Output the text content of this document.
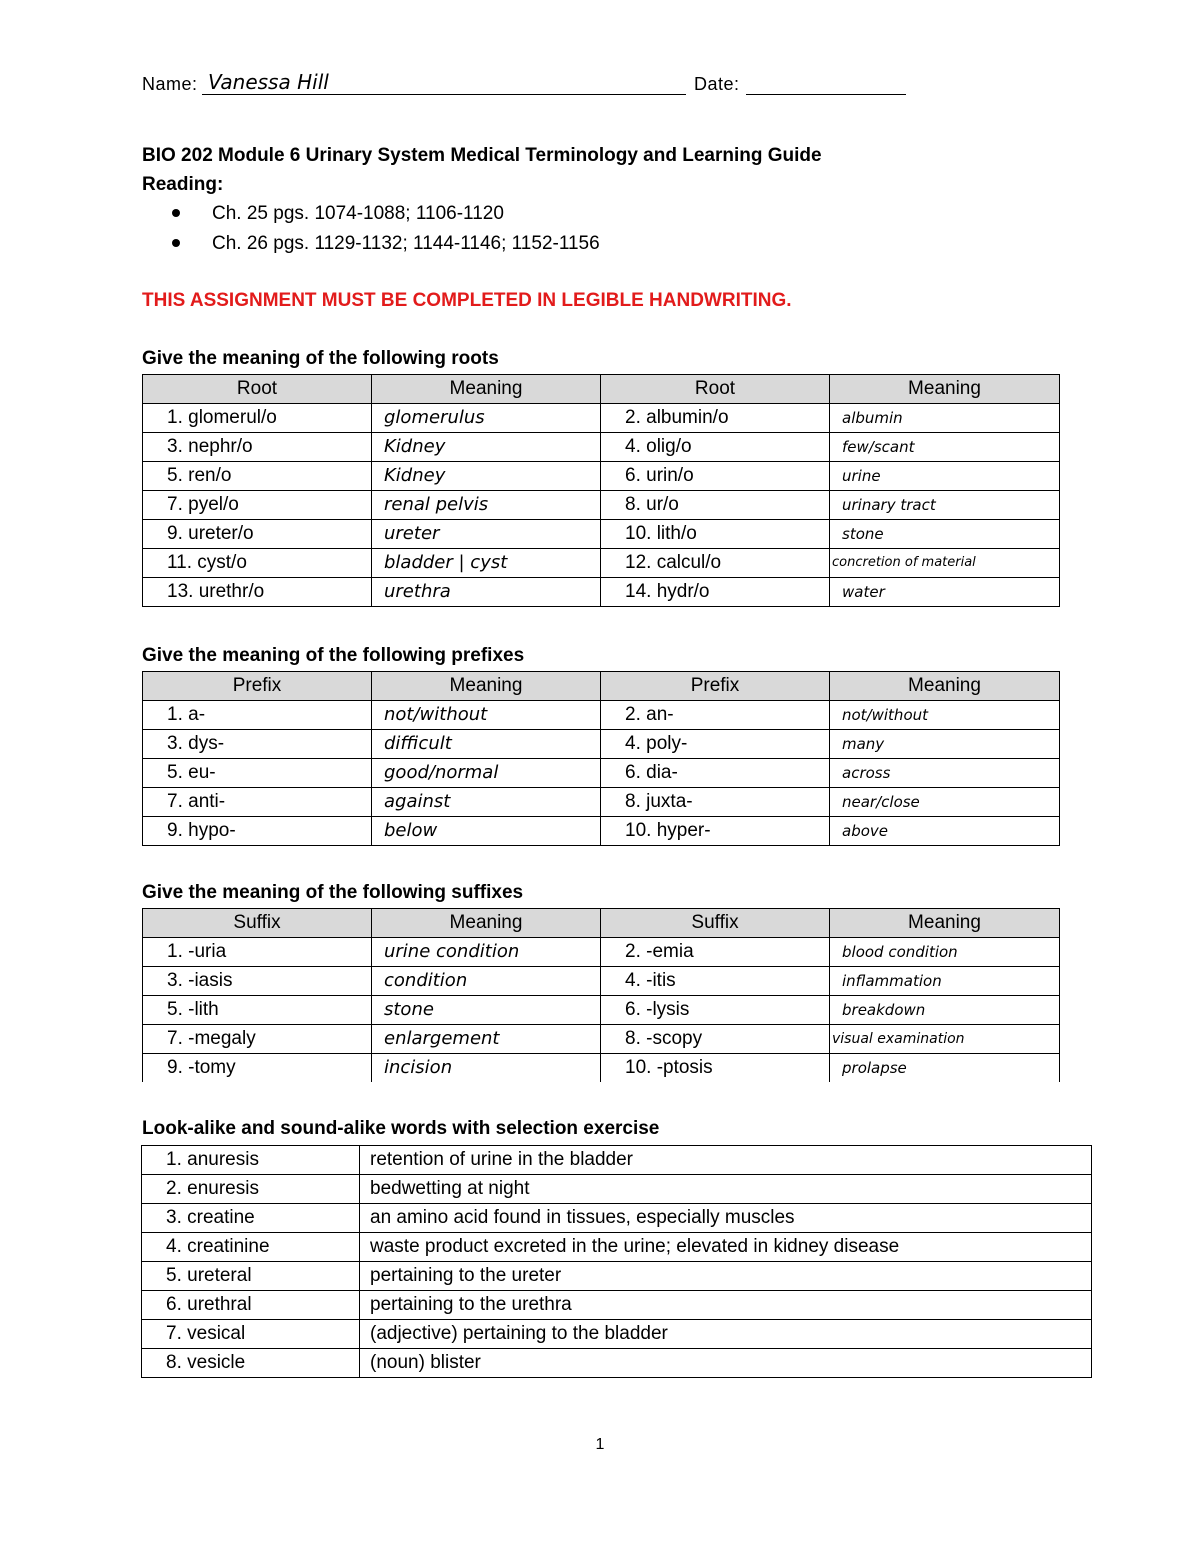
Name: Vanessa Hill	Date:
BIO 202 Module 6 Urinary System Medical Terminology and Learning Guide
Reading:
Ch. 25 pgs. 1074-1088; 1106-1120
Ch. 26 pgs. 1129-1132; 1144-1146; 1152-1156
THIS ASSIGNMENT MUST BE COMPLETED IN LEGIBLE HANDWRITING.
Give the meaning of the following roots
Root	Meaning	Root	Meaning
1. glomerul/o	glomerulus	2. albumin/o	albumin
3. nephr/o	Kidney	4. olig/o	few/scant
5. ren/o	Kidney	6. urin/o	urine
7. pyel/o	renal pelvis	8. ur/o	urinary tract
9. ureter/o	ureter	10. lith/o	stone
11. cyst/o	bladder | cyst	12. calcul/o	concretion of material
13. urethr/o	urethra	14. hydr/o	water
Give the meaning of the following prefixes
Prefix	Meaning	Prefix	Meaning
1. a-	not/without	2. an-	not/without
3. dys-	difficult	4. poly-	many
5. eu-	good/normal	6. dia-	across
7. anti-	against	8. juxta-	near/close
9. hypo-	below	10. hyper-	above
Give the meaning of the following suffixes
Suffix	Meaning	Suffix	Meaning
1. -uria	urine condition	2. -emia	blood condition
3. -iasis	condition	4. -itis	inflammation
5. -lith	stone	6. -lysis	breakdown
7. -megaly	enlargement	8. -scopy	visual examination
9. -tomy	incision	10. -ptosis	prolapse
Look-alike and sound-alike words with selection exercise
1. anuresis	retention of urine in the bladder
2. enuresis	bedwetting at night
3. creatine	an amino acid found in tissues, especially muscles
4. creatinine	waste product excreted in the urine; elevated in kidney disease
5. ureteral	pertaining to the ureter
6. urethral	pertaining to the urethra
7. vesical	(adjective) pertaining to the bladder
8. vesicle	(noun) blister
1
